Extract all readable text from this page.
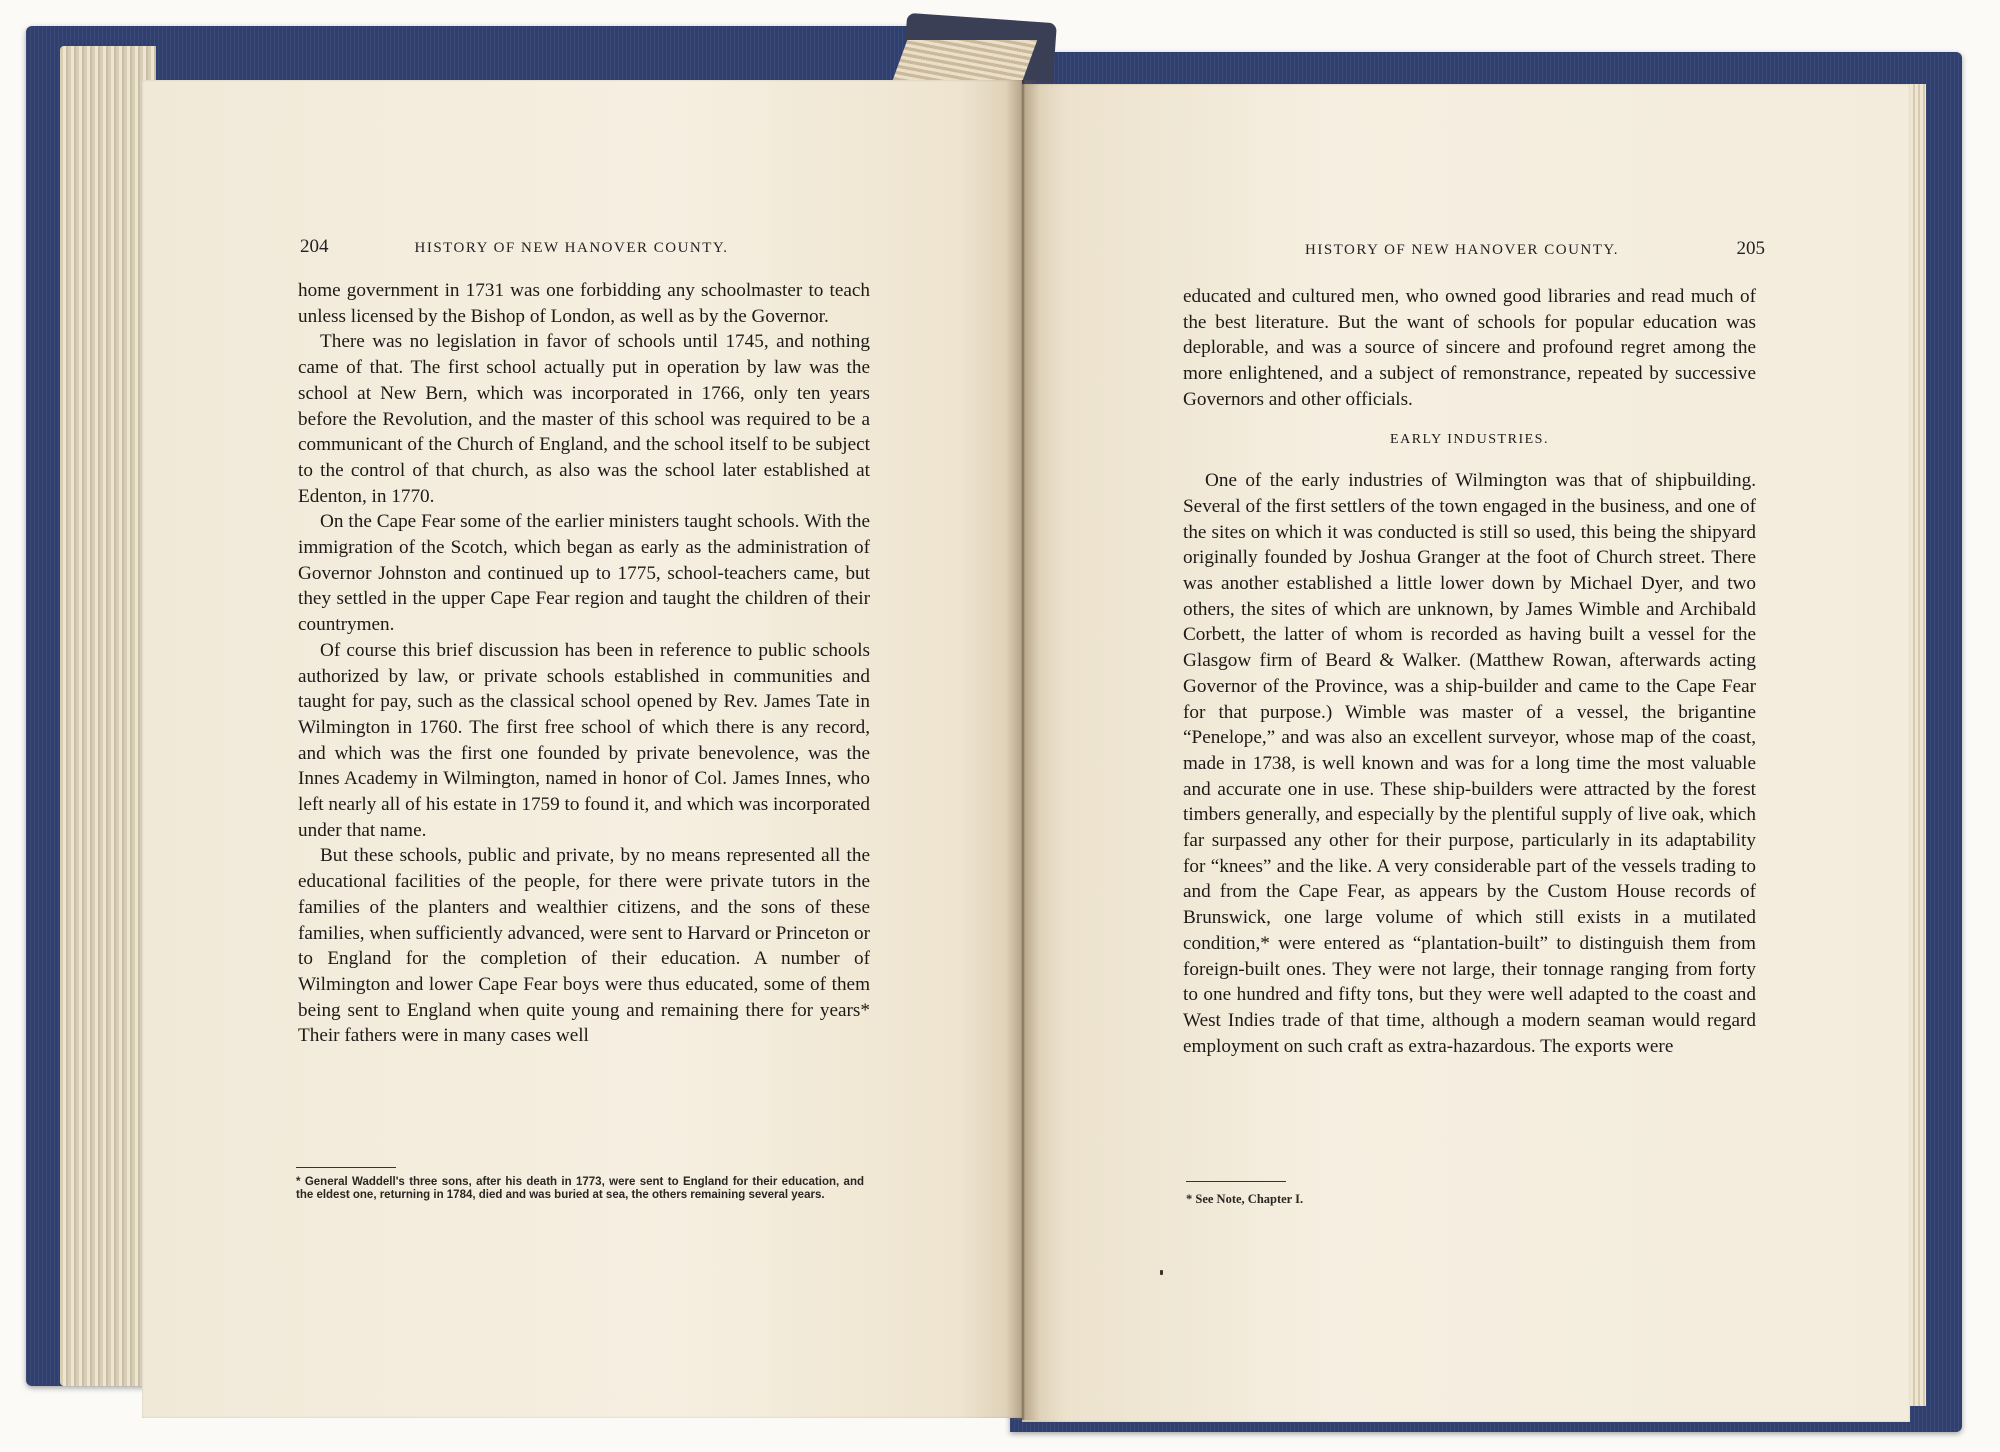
204	HISTORY OF NEW HANOVER COUNTY.

home government in 1731 was one forbidding any schoolmaster to teach unless licensed by the Bishop of London, as well as by the Governor.

There was no legislation in favor of schools until 1745, and nothing came of that. The first school actually put in operation by law was the school at New Bern, which was incorporated in 1766, only ten years before the Revolution, and the master of this school was required to be a communicant of the Church of England, and the school itself to be subject to the control of that church, as also was the school later established at Edenton, in 1770.

On the Cape Fear some of the earlier ministers taught schools. With the immigration of the Scotch, which began as early as the administration of Governor Johnston and continued up to 1775, school-teachers came, but they settled in the upper Cape Fear region and taught the children of their countrymen.

Of course this brief discussion has been in reference to public schools authorized by law, or private schools established in communities and taught for pay, such as the classical school opened by Rev. James Tate in Wilmington in 1760. The first free school of which there is any record, and which was the first one founded by private benevolence, was the Innes Academy in Wilmington, named in honor of Col. James Innes, who left nearly all of his estate in 1759 to found it, and which was incorporated under that name.

But these schools, public and private, by no means represented all the educational facilities of the people, for there were private tutors in the families of the planters and wealthier citizens, and the sons of these families, when sufficiently advanced, were sent to Harvard or Princeton or to England for the completion of their education. A number of Wilmington and lower Cape Fear boys were thus educated, some of them being sent to England when quite young and remaining there for years* Their fathers were in many cases well

* General Waddell's three sons, after his death in 1773, were sent to England for their education, and the eldest one, returning in 1784, died and was buried at sea, the others remaining several years.
HISTORY OF NEW HANOVER COUNTY.	205

educated and cultured men, who owned good libraries and read much of the best literature. But the want of schools for popular education was deplorable, and was a source of sincere and profound regret among the more enlightened, and a subject of remonstrance, repeated by successive Governors and other officials.

EARLY INDUSTRIES.

One of the early industries of Wilmington was that of shipbuilding. Several of the first settlers of the town engaged in the business, and one of the sites on which it was conducted is still so used, this being the shipyard originally founded by Joshua Granger at the foot of Church street. There was another established a little lower down by Michael Dyer, and two others, the sites of which are unknown, by James Wimble and Archibald Corbett, the latter of whom is recorded as having built a vessel for the Glasgow firm of Beard & Walker. (Matthew Rowan, afterwards acting Governor of the Province, was a ship-builder and came to the Cape Fear for that purpose.) Wimble was master of a vessel, the brigantine “Penelope,” and was also an excellent surveyor, whose map of the coast, made in 1738, is well known and was for a long time the most valuable and accurate one in use. These ship-builders were attracted by the forest timbers generally, and especially by the plentiful supply of live oak, which far surpassed any other for their purpose, particularly in its adaptability for “knees” and the like. A very considerable part of the vessels trading to and from the Cape Fear, as appears by the Custom House records of Brunswick, one large volume of which still exists in a mutilated condition,* were entered as “plantation-built” to distinguish them from foreign-built ones. They were not large, their tonnage ranging from forty to one hundred and fifty tons, but they were well adapted to the coast and West Indies trade of that time, although a modern seaman would regard employment on such craft as extra-hazardous. The exports were

* See Note, Chapter I.
